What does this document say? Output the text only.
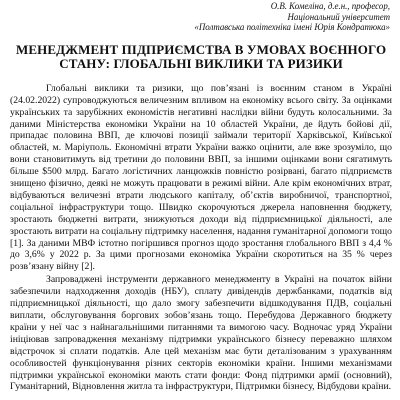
О.В. Комеліна, д.е.н., професор,
Національний університет
«Полтавська політехніка імені Юрія Кондратюка»
МЕНЕДЖМЕНТ ПІДПРИЄМСТВА В УМОВАХ ВОЄННОГО
СТАНУ: ГЛОБАЛЬНІ ВИКЛИКИ ТА РИЗИКИ

Глобальні виклики та ризики, що пов’язані із воєнним станом в Україні (24.02.2022) супроводжуються величезним впливом на економіку всього світу. За оцінками українських та зарубіжних економістів негативні наслідки війни будуть колосальними. За даними Міністерства економіки України на 10 областей України, де йдуть бойові дії, припадає половина ВВП, де ключові позиції займали території Харківської, Київської областей, м. Маріуполь. Економічні втрати України важко оцінити, але вже зрозуміло, що вони становитимуть від третини до половини ВВП, за іншими оцінками вони сягатимуть більше $500 млрд. Багато логістичних ланцюжків повністю розірвані, багато підприємств знищено фізично, деякі не можуть працювати в режимі війни. Але крім економічних втрат, відбуваються величезні втрати людського капіталу, об’єктів виробничої, транспортної, соціальної інфраструктури тощо. Швидко скорочуються джерела наповнення бюджету, зростають бюджетні витрати, знижуються доходи від підприємницької діяльності, але зростають витрати на соціальну підтримку населення, надання гуманітарної допомоги тощо [1]. За даними МВФ істотно погіршився прогноз щодо зростання глобального ВВП з 4,4 % до 3,6% у 2022 р. За цими прогнозами економіка України скоротиться на 35 % через розв’язану війну [2].

Запроваджені інструменти державного менеджменту в Україні на початок війни забезпечили надходження доходів (НБУ), сплату дивідендів держбанками, податків від підприємницької діяльності, що дало змогу забезпечити відшкодування ПДВ, соціальні виплати, обслуговування боргових зобов’язань тощо. Перебудова Державного бюджету країни у неї час з найнагальнішими питаннями та вимогою часу. Водночас уряд України ініціював запровадження механізму підтримки українського бізнесу переважно шляхом відстрочок зі сплати податків. Але цей механізм має бути деталізованим з урахуванням особливостей функціонування різних секторів економіки країни. Іншими механізмами підтримки української економіки мають стати фонди: Фонд підтримки армії (основний), Гуманітарний, Відновлення житла та інфраструктури, Підтримки бізнесу, Відбудови країни.
